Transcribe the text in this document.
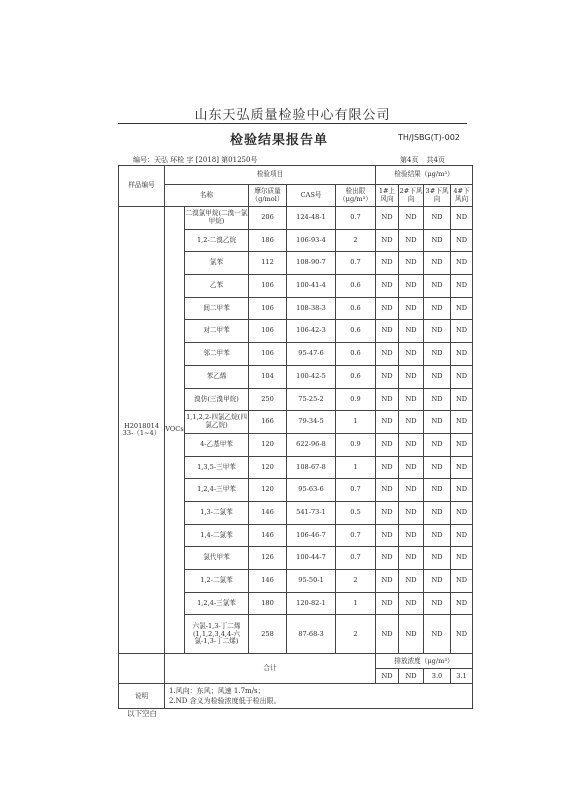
山东天弘质量检验中心有限公司
检验结果报告单	TH/JSBG(T)-002
编号：天弘 环检 字 [2018] 第01250号	第4页 共4页
样品编号	检验项目					检验结果（μg/m³）			
	名称		摩尔质量（g/mol）	CAS号	检出限（μg/m³）	1#上风向	2#下风向	3#下风向	4#下风向
H2018014 33-（1~4）	VOCs	二溴氯甲烷(二溴一氯甲烷)	206	124-48-1	0.7	ND	ND	ND	ND
		1,2-二溴乙烷	186	106-93-4	2	ND	ND	ND	ND
		氯苯	112	108-90-7	0.7	ND	ND	ND	ND
		乙苯	106	100-41-4	0.6	ND	ND	ND	ND
		间二甲苯	106	108-38-3	0.6	ND	ND	ND	ND
		对二甲苯	106	106-42-3	0.6	ND	ND	ND	ND
		邻二甲苯	106	95-47-6	0.6	ND	ND	ND	ND
		苯乙烯	104	100-42-5	0.6	ND	ND	ND	ND
		溴仿(三溴甲烷)	250	75-25-2	0.9	ND	ND	ND	ND
		1,1,2,2-四氯乙烷(四氯乙烷)	166	79-34-5	1	ND	ND	ND	ND
		4-乙基甲苯	120	622-96-8	0.9	ND	ND	ND	ND
		1,3,5-三甲苯	120	108-67-8	1	ND	ND	ND	ND
		1,2,4-三甲苯	120	95-63-6	0.7	ND	ND	ND	ND
		1,3-二氯苯	146	541-73-1	0.5	ND	ND	ND	ND
		1,4-二氯苯	146	106-46-7	0.7	ND	ND	ND	ND
		氯代甲苯	126	100-44-7	0.7	ND	ND	ND	ND
		1,2-二氯苯	146	95-50-1	2	ND	ND	ND	ND
		1,2,4-三氯苯	180	120-82-1	1	ND	ND	ND	ND
		六氯-1,3-丁二烯(1,1,2,3,4,4-六氯-1,3-丁二烯)	258	87-68-3	2	ND	ND	ND	ND
	合计					排放浓度（μg/m³）			
						ND	ND	3.0	3.1
说明	1.风向：东风；风速 1.7m/s；
2.ND 含义为检验浓度低于检出限。								
以下空白
